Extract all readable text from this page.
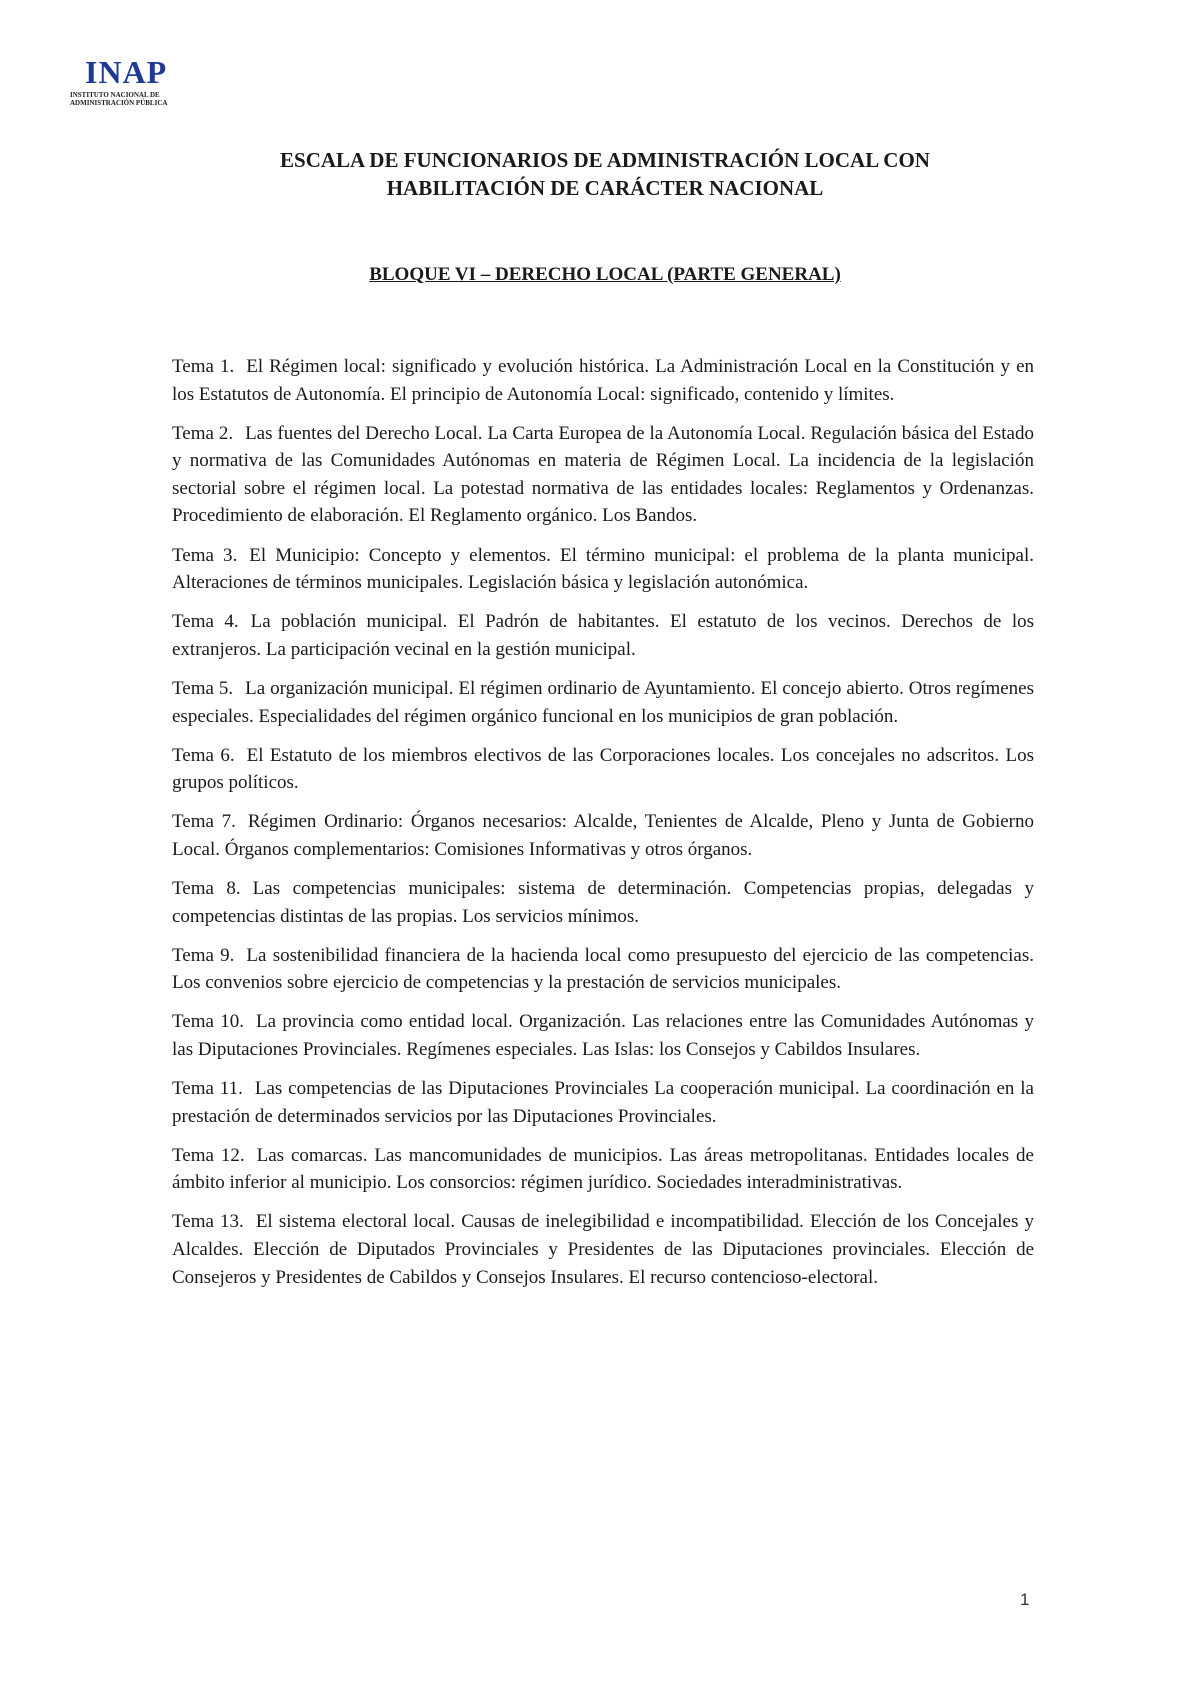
INAP
INSTITUTO NACIONAL DE
ADMINISTRACIÓN PÚBLICA
ESCALA DE FUNCIONARIOS DE ADMINISTRACIÓN LOCAL CON
HABILITACIÓN DE CARÁCTER NACIONAL
BLOQUE VI – DERECHO LOCAL (PARTE GENERAL)

Tema 1. El Régimen local: significado y evolución histórica. La Administración Local en la Constitución y en los Estatutos de Autonomía. El principio de Autonomía Local: significado, contenido y límites.

Tema 2. Las fuentes del Derecho Local. La Carta Europea de la Autonomía Local. Regulación básica del Estado y normativa de las Comunidades Autónomas en materia de Régimen Local. La incidencia de la legislación sectorial sobre el régimen local. La potestad normativa de las entidades locales: Reglamentos y Ordenanzas. Procedimiento de elaboración. El Reglamento orgánico. Los Bandos.

Tema 3. El Municipio: Concepto y elementos. El término municipal: el problema de la planta municipal. Alteraciones de términos municipales. Legislación básica y legislación autonómica.

Tema 4. La población municipal. El Padrón de habitantes. El estatuto de los vecinos. Derechos de los extranjeros. La participación vecinal en la gestión municipal.

Tema 5. La organización municipal. El régimen ordinario de Ayuntamiento. El concejo abierto. Otros regímenes especiales. Especialidades del régimen orgánico funcional en los municipios de gran población.

Tema 6. El Estatuto de los miembros electivos de las Corporaciones locales. Los concejales no adscritos. Los grupos políticos.

Tema 7. Régimen Ordinario: Órganos necesarios: Alcalde, Tenientes de Alcalde, Pleno y Junta de Gobierno Local. Órganos complementarios: Comisiones Informativas y otros órganos.

Tema 8. Las competencias municipales: sistema de determinación. Competencias propias, delegadas y competencias distintas de las propias. Los servicios mínimos.

Tema 9. La sostenibilidad financiera de la hacienda local como presupuesto del ejercicio de las competencias. Los convenios sobre ejercicio de competencias y la prestación de servicios municipales.

Tema 10. La provincia como entidad local. Organización. Las relaciones entre las Comunidades Autónomas y las Diputaciones Provinciales. Regímenes especiales. Las Islas: los Consejos y Cabildos Insulares.

Tema 11. Las competencias de las Diputaciones Provinciales La cooperación municipal. La coordinación en la prestación de determinados servicios por las Diputaciones Provinciales.

Tema 12. Las comarcas. Las mancomunidades de municipios. Las áreas metropolitanas. Entidades locales de ámbito inferior al municipio. Los consorcios: régimen jurídico. Sociedades interadministrativas.

Tema 13. El sistema electoral local. Causas de inelegibilidad e incompatibilidad. Elección de los Concejales y Alcaldes. Elección de Diputados Provinciales y Presidentes de las Diputaciones provinciales. Elección de Consejeros y Presidentes de Cabildos y Consejos Insulares. El recurso contencioso-electoral.

1
